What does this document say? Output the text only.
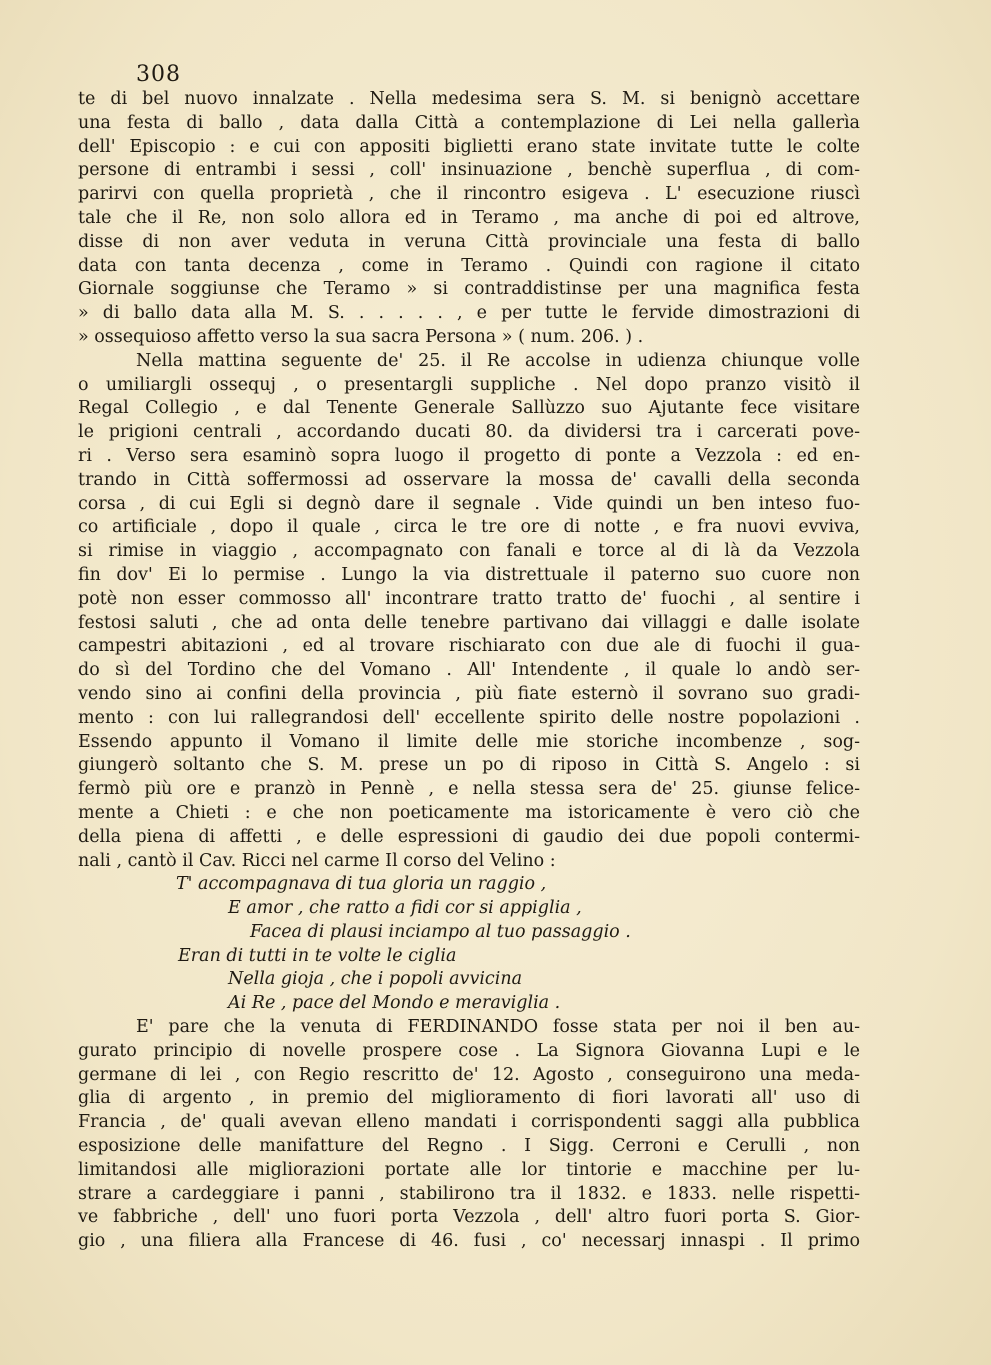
308
te di bel nuovo innalzate . Nella medesima sera S. M. si benignò accettare
una festa di ballo , data dalla Città a contemplazione di Lei nella gallerìa
dell' Episcopio : e cui con appositi biglietti erano state invitate tutte le colte
persone di entrambi i sessi , coll' insinuazione , benchè superflua , di com-
parirvi con quella proprietà , che il rincontro esigeva . L' esecuzione riuscì
tale che il Re, non solo allora ed in Teramo , ma anche di poi ed altrove,
disse di non aver veduta in veruna Città provinciale una festa di ballo
data con tanta decenza , come in Teramo . Quindi con ragione il citato
Giornale soggiunse che Teramo » si contraddistinse per una magnifica festa
» di ballo data alla M. S. . . . . . , e per tutte le fervide dimostrazioni di
» ossequioso affetto verso la sua sacra Persona » ( num. 206. ) .
Nella mattina seguente de' 25. il Re accolse in udienza chiunque volle
o umiliargli ossequj , o presentargli suppliche . Nel dopo pranzo visitò il
Regal Collegio , e dal Tenente Generale Sallùzzo suo Ajutante fece visitare
le prigioni centrali , accordando ducati 80. da dividersi tra i carcerati pove-
ri . Verso sera esaminò sopra luogo il progetto di ponte a Vezzola : ed en-
trando in Città soffermossi ad osservare la mossa de' cavalli della seconda
corsa , di cui Egli si degnò dare il segnale . Vide quindi un ben inteso fuo-
co artificiale , dopo il quale , circa le tre ore di notte , e fra nuovi evviva,
si rimise in viaggio , accompagnato con fanali e torce al di là da Vezzola
fin dov' Ei lo permise . Lungo la via distrettuale il paterno suo cuore non
potè non esser commosso all' incontrare tratto tratto de' fuochi , al sentire i
festosi saluti , che ad onta delle tenebre partivano dai villaggi e dalle isolate
campestri abitazioni , ed al trovare rischiarato con due ale di fuochi il gua-
do sì del Tordino che del Vomano . All' Intendente , il quale lo andò ser-
vendo sino ai confini della provincia , più fiate esternò il sovrano suo gradi-
mento : con lui rallegrandosi dell' eccellente spirito delle nostre popolazioni .
Essendo appunto il Vomano il limite delle mie storiche incombenze , sog-
giungerò soltanto che S. M. prese un po di riposo in Città S. Angelo : si
fermò più ore e pranzò in Pennè , e nella stessa sera de' 25. giunse felice-
mente a Chieti : e che non poeticamente ma istoricamente è vero ciò che
della piena di affetti , e delle espressioni di gaudio dei due popoli contermi-
nali , cantò il Cav. Ricci nel carme Il corso del Velino :
T' accompagnava di tua gloria un raggio ,
E amor , che ratto a fidi cor si appiglia ,
Facea di plausi inciampo al tuo passaggio .
Eran di tutti in te volte le ciglia
Nella gioja , che i popoli avvicina
Ai Re , pace del Mondo e meraviglia .
E' pare che la venuta di FERDINANDO fosse stata per noi il ben au-
gurato principio di novelle prospere cose . La Signora Giovanna Lupi e le
germane di lei , con Regio rescritto de' 12. Agosto , conseguirono una meda-
glia di argento , in premio del miglioramento di fiori lavorati all' uso di
Francia , de' quali avevan elleno mandati i corrispondenti saggi alla pubblica
esposizione delle manifatture del Regno . I Sigg. Cerroni e Cerulli , non
limitandosi alle migliorazioni portate alle lor tintorie e macchine per lu-
strare a cardeggiare i panni , stabilirono tra il 1832. e 1833. nelle rispetti-
ve fabbriche , dell' uno fuori porta Vezzola , dell' altro fuori porta S. Gior-
gio , una filiera alla Francese di 46. fusi , co' necessarj innaspi . Il primo
